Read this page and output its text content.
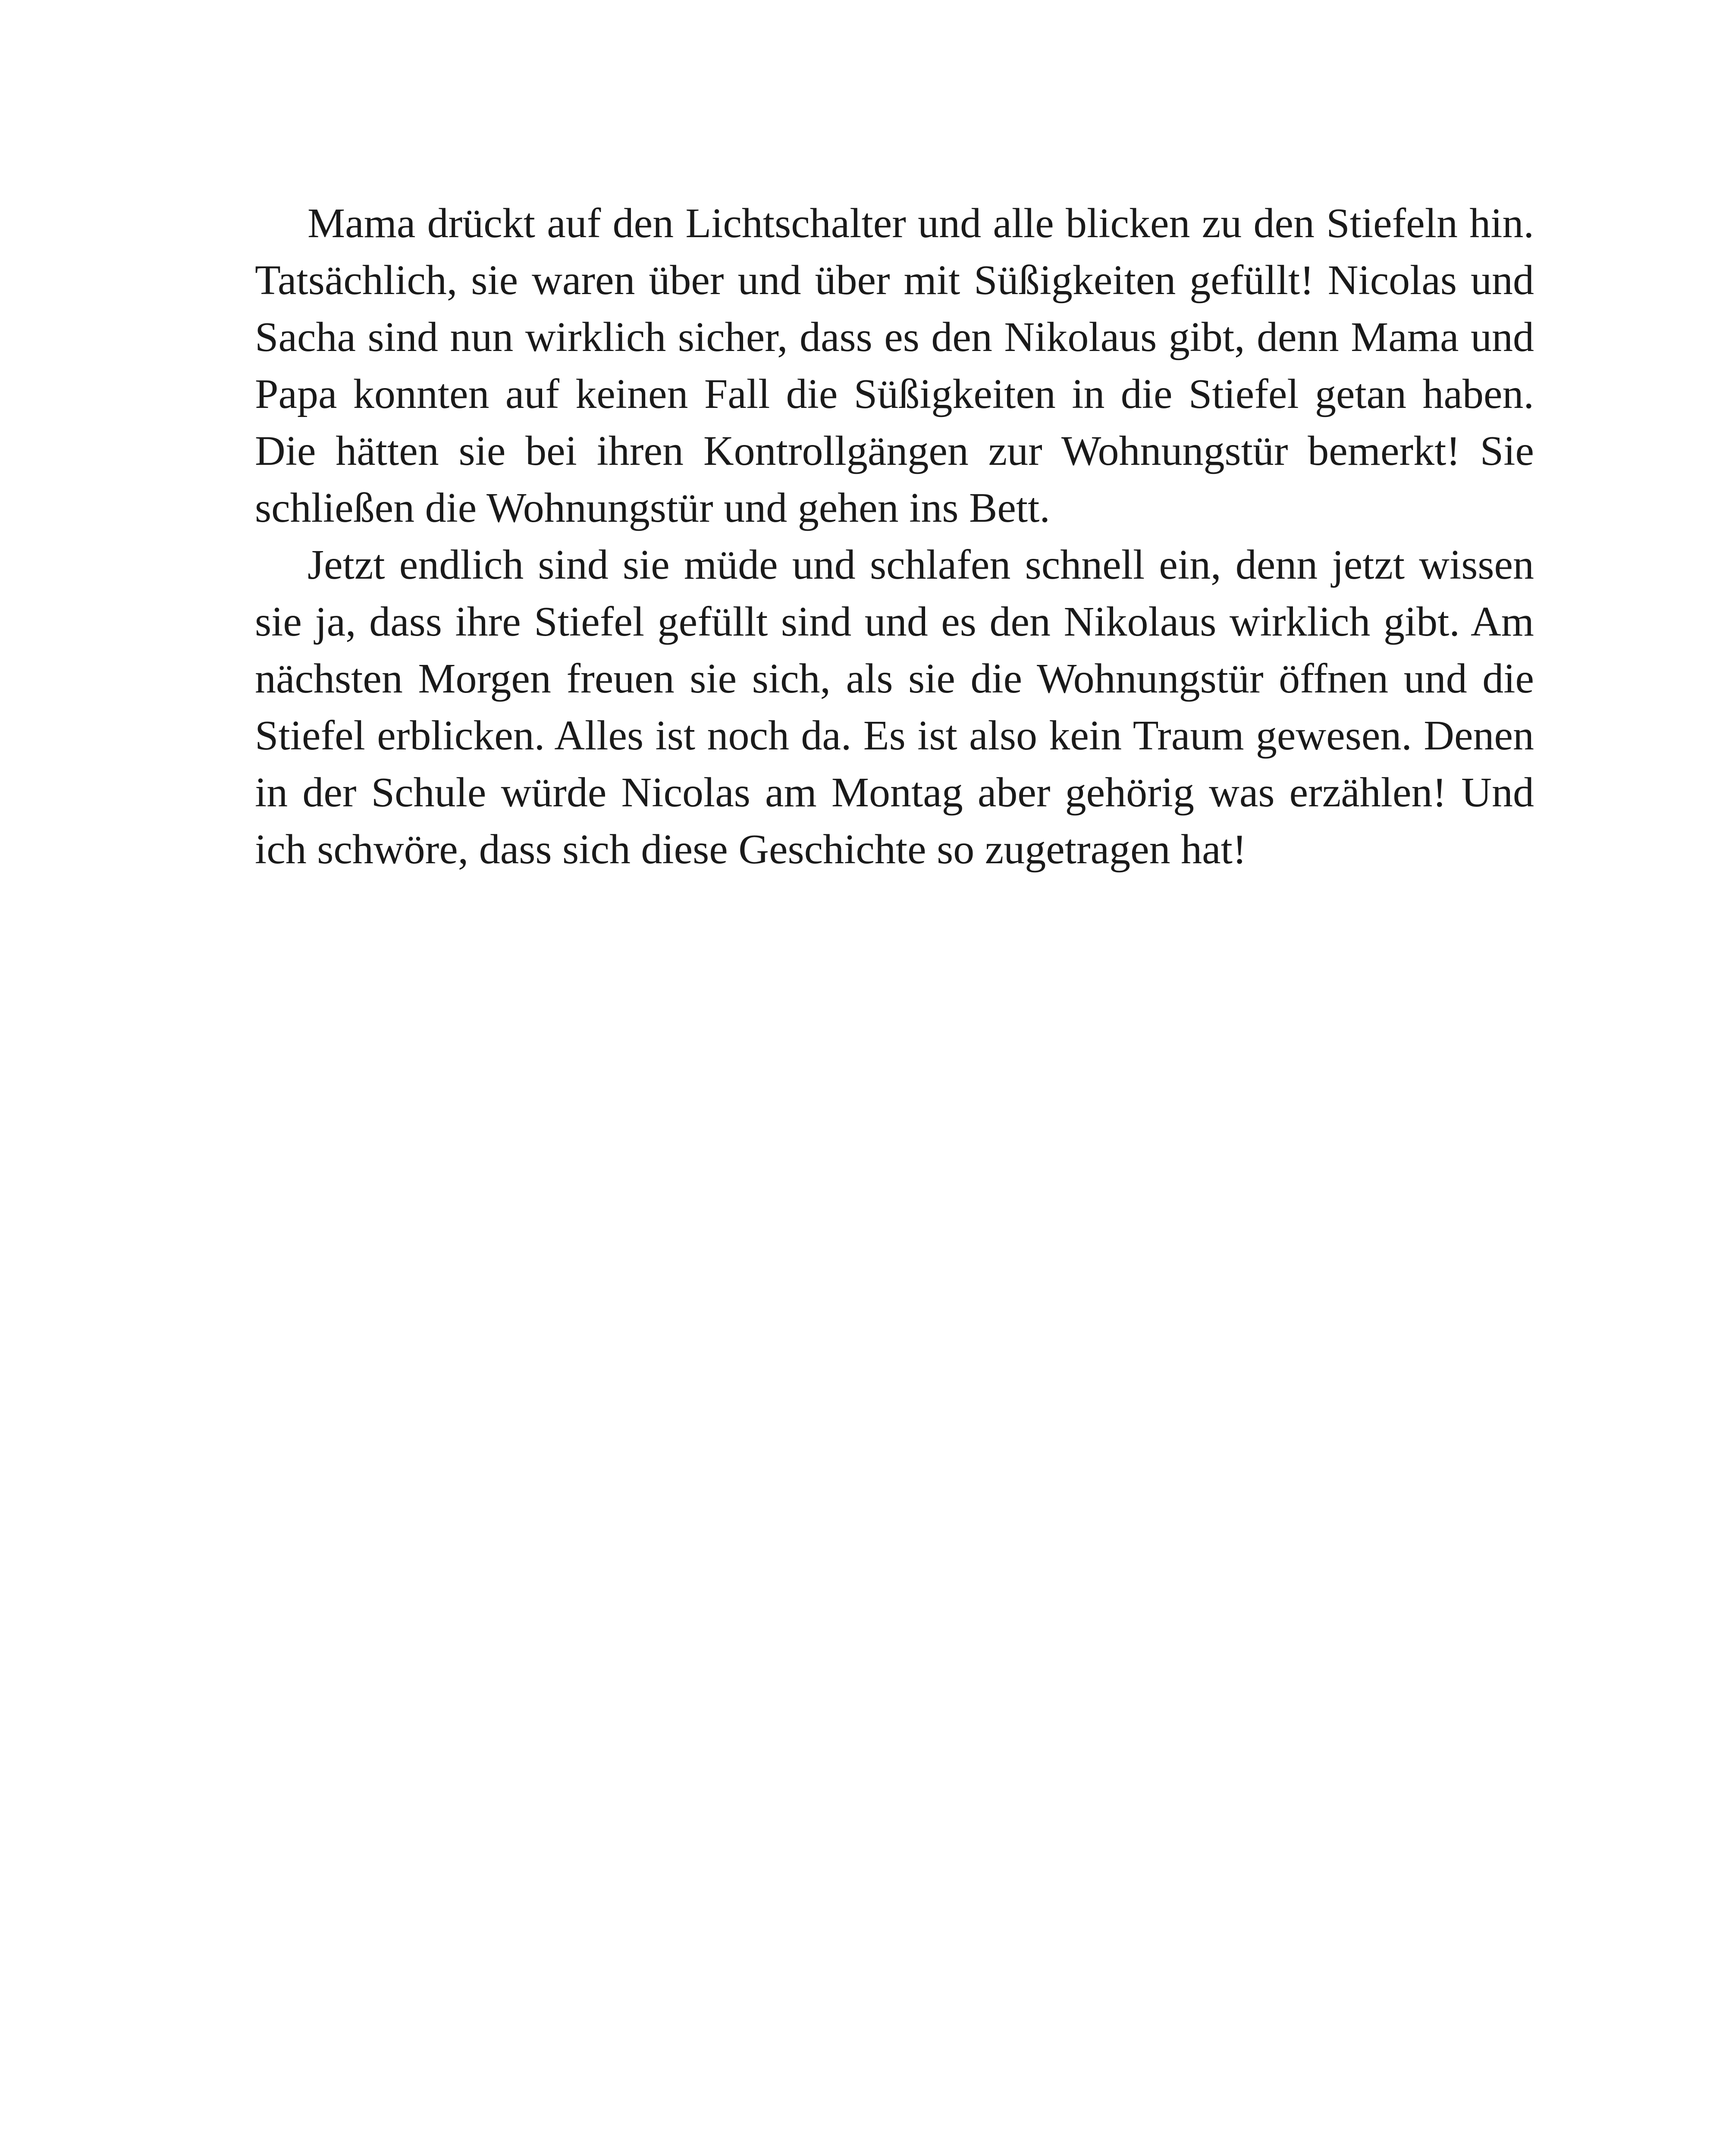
Mama drückt auf den Lichtschalter und alle blicken zu den Stiefeln hin.
Tatsächlich, sie waren über und über mit Süßigkeiten gefüllt! Nicolas und
Sacha sind nun wirklich sicher, dass es den Nikolaus gibt, denn Mama und
Papa konnten auf keinen Fall die Süßigkeiten in die Stiefel getan haben.
Die hätten sie bei ihren Kontrollgängen zur Wohnungstür bemerkt! Sie
schließen die Wohnungstür und gehen ins Bett.
Jetzt endlich sind sie müde und schlafen schnell ein, denn jetzt wissen
sie ja, dass ihre Stiefel gefüllt sind und es den Nikolaus wirklich gibt. Am
nächsten Morgen freuen sie sich, als sie die Wohnungstür öffnen und die
Stiefel erblicken. Alles ist noch da. Es ist also kein Traum gewesen. Denen
in der Schule würde Nicolas am Montag aber gehörig was erzählen! Und
ich schwöre, dass sich diese Geschichte so zugetragen hat!
